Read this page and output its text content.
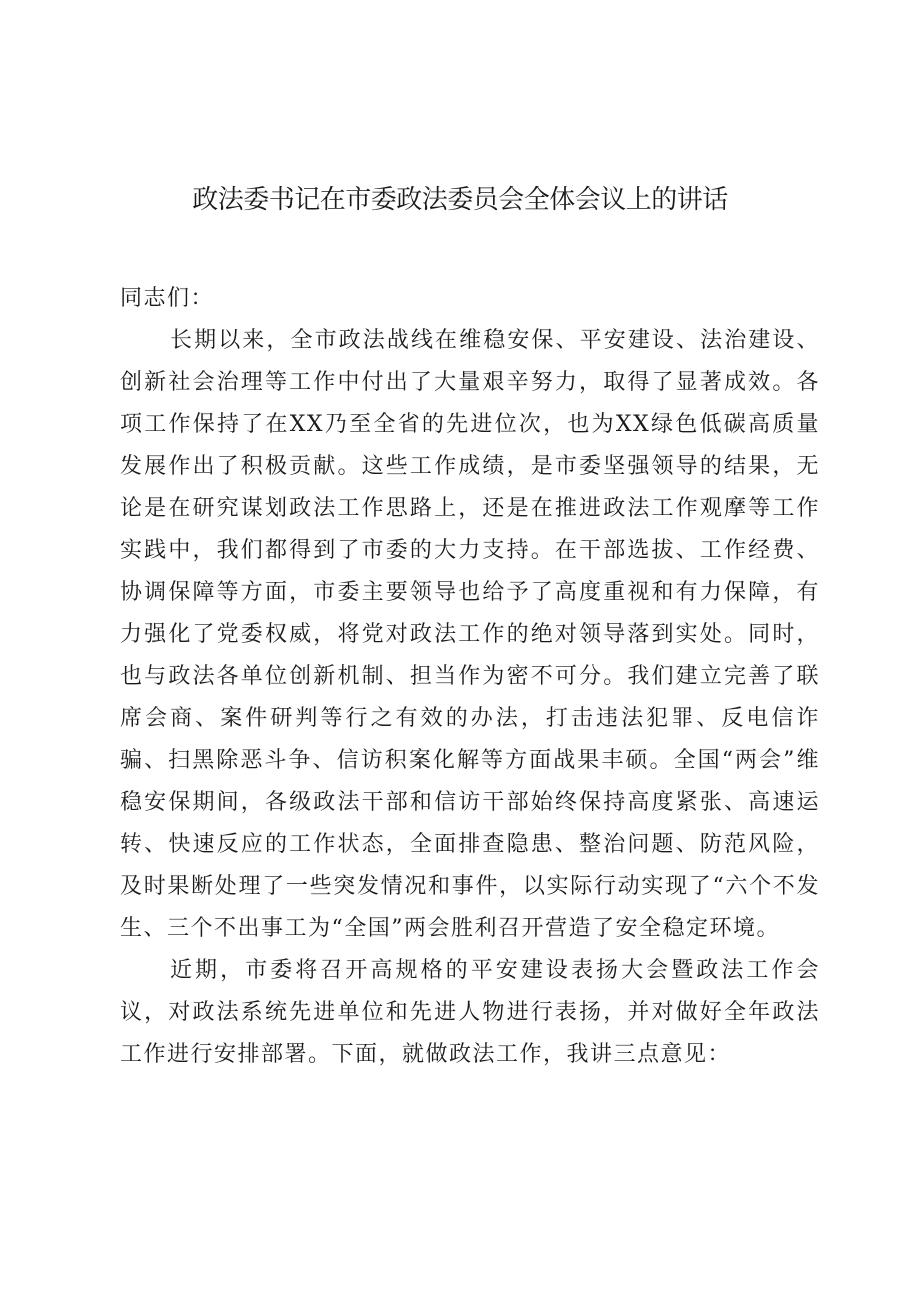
政法委书记在市委政法委员会全体会议上的讲话

同志们：

长期以来，全市政法战线在维稳安保、平安建设、法治建设、创新社会治理等工作中付出了大量艰辛努力，取得了显著成效。各项工作保持了在XX乃至全省的先进位次，也为XX绿色低碳高质量发展作出了积极贡献。这些工作成绩，是市委坚强领导的结果，无论是在研究谋划政法工作思路上，还是在推进政法工作观摩等工作实践中，我们都得到了市委的大力支持。在干部选拔、工作经费、协调保障等方面，市委主要领导也给予了高度重视和有力保障，有力强化了党委权威，将党对政法工作的绝对领导落到实处。同时，也与政法各单位创新机制、担当作为密不可分。我们建立完善了联席会商、案件研判等行之有效的办法，打击违法犯罪、反电信诈骗、扫黑除恶斗争、信访积案化解等方面战果丰硕。全国“两会”维稳安保期间，各级政法干部和信访干部始终保持高度紧张、高速运转、快速反应的工作状态，全面排查隐患、整治问题、防范风险，及时果断处理了一些突发情况和事件，以实际行动实现了“六个不发生、三个不出事工为“全国”两会胜利召开营造了安全稳定环境。

近期，市委将召开高规格的平安建设表扬大会暨政法工作会议，对政法系统先进单位和先进人物进行表扬，并对做好全年政法工作进行安排部署。下面，就做政法工作，我讲三点意见：
